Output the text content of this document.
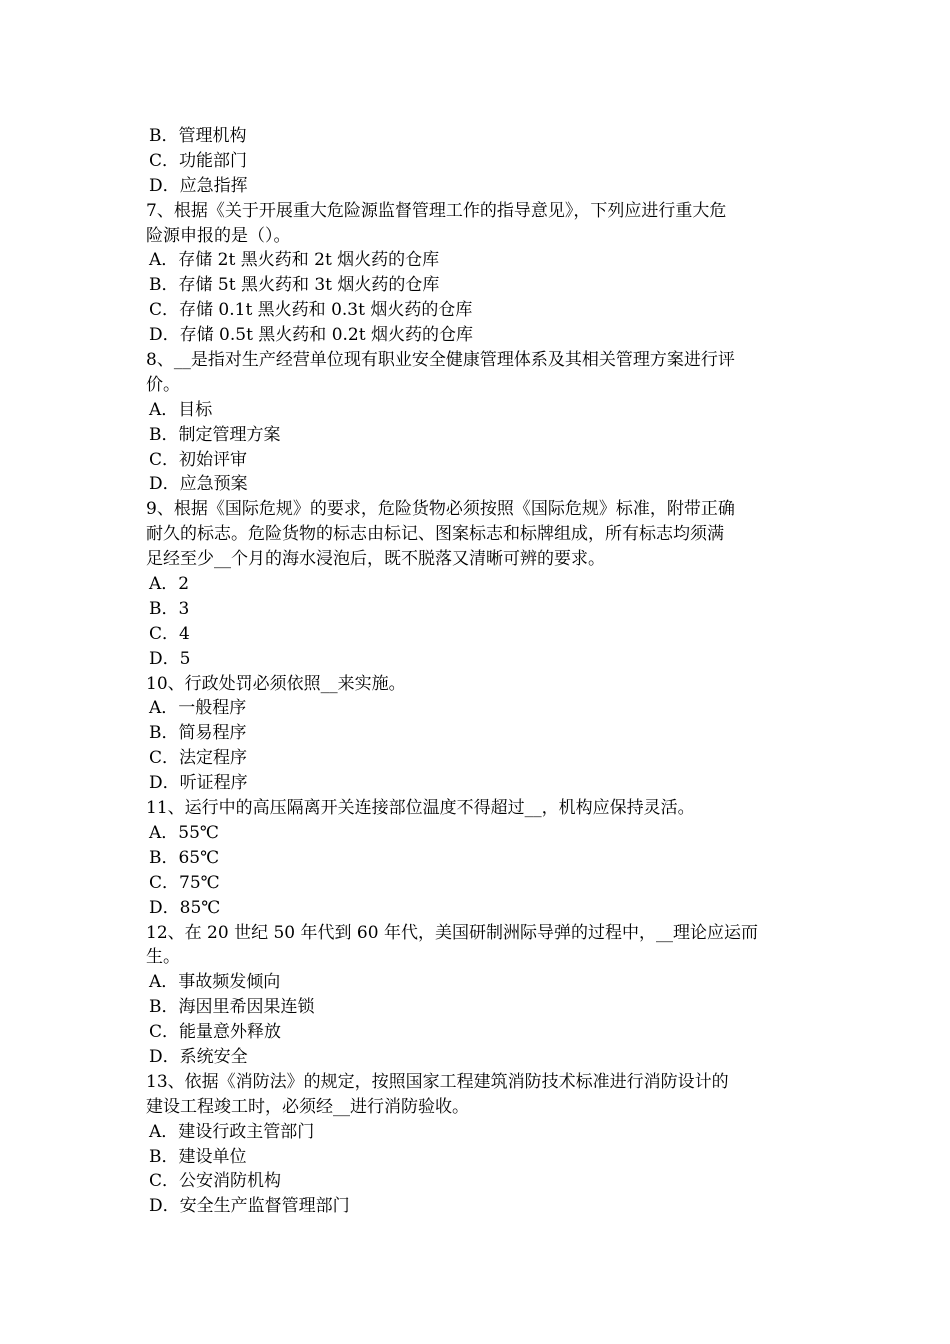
B．管理机构
C．功能部门
D．应急指挥
7、根据《关于开展重大危险源监督管理工作的指导意见》，下列应进行重大危
险源申报的是（）。
A．存储 2t 黑火药和 2t 烟火药的仓库
B．存储 5t 黑火药和 3t 烟火药的仓库
C．存储 0.1t 黑火药和 0.3t 烟火药的仓库
D．存储 0.5t 黑火药和 0.2t 烟火药的仓库
8、__是指对生产经营单位现有职业安全健康管理体系及其相关管理方案进行评
价。
A．目标
B．制定管理方案
C．初始评审
D．应急预案
9、根据《国际危规》的要求，危险货物必须按照《国际危规》标准，附带正确
耐久的标志。危险货物的标志由标记、图案标志和标牌组成，所有标志均须满
足经至少__个月的海水浸泡后，既不脱落又清晰可辨的要求。
A．2
B．3
C．4
D．5
10、行政处罚必须依照__来实施。
A．一般程序
B．简易程序
C．法定程序
D．听证程序
11、运行中的高压隔离开关连接部位温度不得超过__，机构应保持灵活。
A．55℃
B．65℃
C．75℃
D．85℃
12、在 20 世纪 50 年代到 60 年代，美国研制洲际导弹的过程中，__理论应运而
生。
A．事故频发倾向
B．海因里希因果连锁
C．能量意外释放
D．系统安全
13、依据《消防法》的规定，按照国家工程建筑消防技术标准进行消防设计的
建设工程竣工时，必须经__进行消防验收。
A．建设行政主管部门
B．建设单位
C．公安消防机构
D．安全生产监督管理部门
